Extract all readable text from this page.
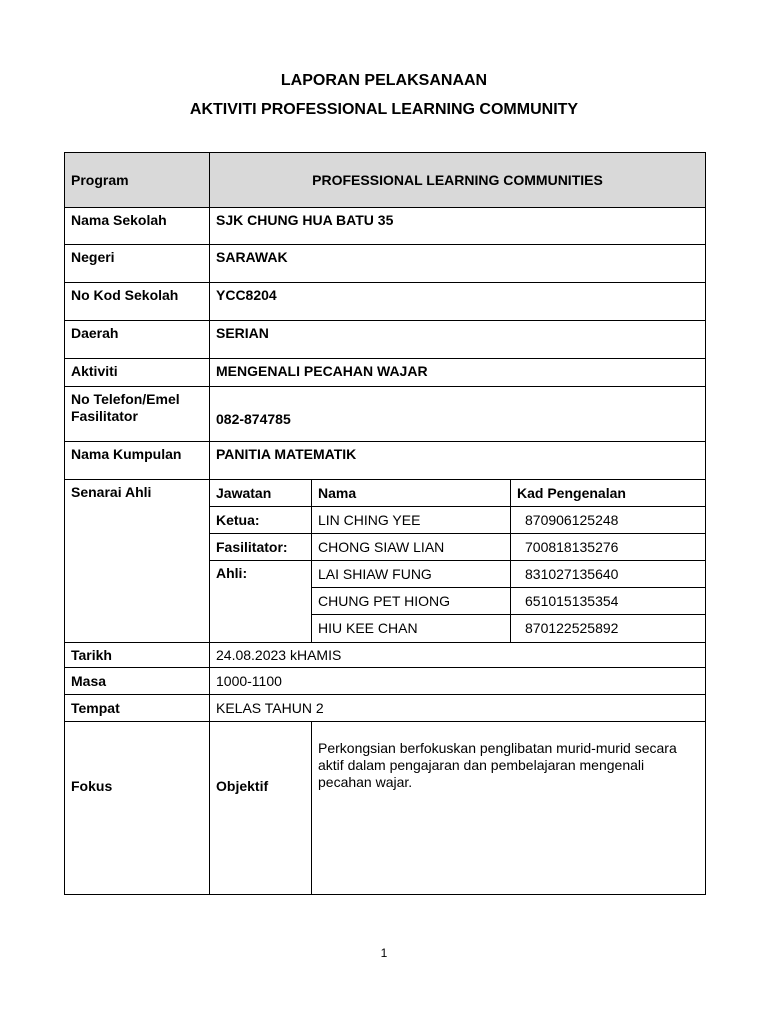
LAPORAN PELAKSANAAN
AKTIVITI PROFESSIONAL LEARNING COMMUNITY
Program	PROFESSIONAL LEARNING COMMUNITIES		
Nama Sekolah	SJK CHUNG HUA BATU 35		
Negeri	SARAWAK		
No Kod Sekolah	YCC8204		
Daerah	SERIAN		
Aktiviti	MENGENALI PECAHAN WAJAR		

No Telefon/Emel
Fasilitator	082-874785		
Nama Kumpulan	PANITIA MATEMATIK		
Senarai Ahli	Jawatan	Nama	Kad Pengenalan
	Ketua:	LIN CHING YEE	870906125248
	Fasilitator:	CHONG SIAW LIAN	700818135276
	Ahli:	LAI SHIAW FUNG	831027135640
		CHUNG PET HIONG	651015135354
		HIU KEE CHAN	870122525892
Tarikh	24.08.2023 kHAMIS		
Masa	1000-1100		
Tempat	KELAS TAHUN 2		
Fokus	Objektif	Perkongsian berfokuskan penglibatan murid-murid secara aktif dalam pengajaran dan pembelajaran mengenali pecahan wajar.	
1
